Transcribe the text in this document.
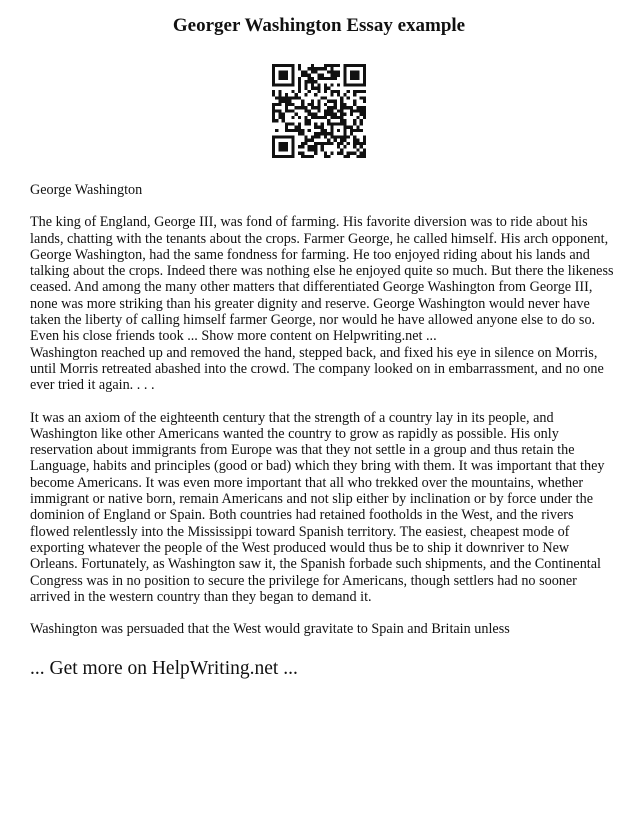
Georger Washington Essay example

George Washington

The king of England, George III, was fond of farming. His favorite diversion was to ride about his lands, chatting with the tenants about the crops. Farmer George, he called himself. His arch opponent, George Washington, had the same fondness for farming. He too enjoyed riding about his lands and talking about the crops. Indeed there was nothing else he enjoyed quite so much. But there the likeness ceased. And among the many other matters that differentiated George Washington from George III, none was more striking than his greater dignity and reserve. George Washington would never have taken the liberty of calling himself farmer George, nor would he have allowed anyone else to do so. Even his close friends took ... Show more content on Helpwriting.net ...

Washington reached up and removed the hand, stepped back, and fixed his eye in silence on Morris, until Morris retreated abashed into the crowd. The company looked on in embarrassment, and no one ever tried it again. . . .

It was an axiom of the eighteenth century that the strength of a country lay in its people, and Washington like other Americans wanted the country to grow as rapidly as possible. His only reservation about immigrants from Europe was that they not settle in a group and thus retain the Language, habits and principles (good or bad) which they bring with them. It was important that they become Americans. It was even more important that all who trekked over the mountains, whether immigrant or native born, remain Americans and not slip either by inclination or by force under the dominion of England or Spain. Both countries had retained footholds in the West, and the rivers flowed relentlessly into the Mississippi toward Spanish territory. The easiest, cheapest mode of exporting whatever the people of the West produced would thus be to ship it downriver to New Orleans. Fortunately, as Washington saw it, the Spanish forbade such shipments, and the Continental Congress was in no position to secure the privilege for Americans, though settlers had no sooner arrived in the western country than they began to demand it.

Washington was persuaded that the West would gravitate to Spain and Britain unless

... Get more on HelpWriting.net ...
